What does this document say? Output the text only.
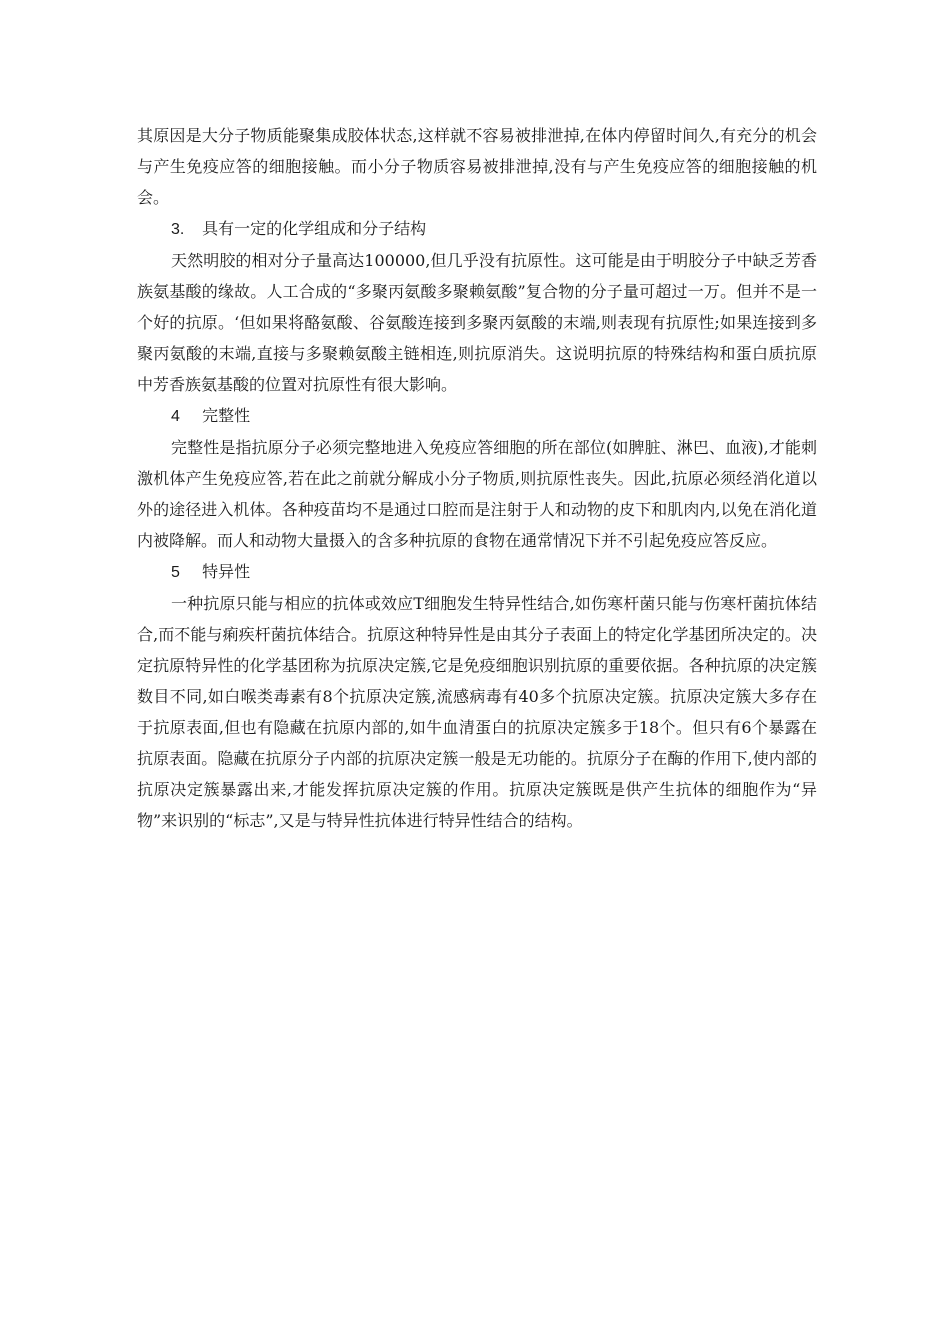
其原因是大分子物质能聚集成胶体状态,这样就不容易被排泄掉,在体内停留时间久,有充分的机会与产生免疫应答的细胞接触。而小分子物质容易被排泄掉,没有与产生免疫应答的细胞接触的机会。

3. 具有一定的化学组成和分子结构

天然明胶的相对分子量高达100000,但几乎没有抗原性。这可能是由于明胶分子中缺乏芳香族氨基酸的缘故。人工合成的“多聚丙氨酸多聚赖氨酸”复合物的分子量可超过一万。但并不是一个好的抗原。‘但如果将酪氨酸、谷氨酸连接到多聚丙氨酸的末端,则表现有抗原性;如果连接到多聚丙氨酸的末端,直接与多聚赖氨酸主链相连,则抗原消失。这说明抗原的特殊结构和蛋白质抗原中芳香族氨基酸的位置对抗原性有很大影响。

4 完整性

完整性是指抗原分子必须完整地进入免疫应答细胞的所在部位(如脾脏、淋巴、血液),才能刺激机体产生免疫应答,若在此之前就分解成小分子物质,则抗原性丧失。因此,抗原必须经消化道以外的途径进入机体。各种疫苗均不是通过口腔而是注射于人和动物的皮下和肌肉内,以免在消化道内被降解。而人和动物大量摄入的含多种抗原的食物在通常情况下并不引起免疫应答反应。

5 特异性

一种抗原只能与相应的抗体或效应T细胞发生特异性结合,如伤寒杆菌只能与伤寒杆菌抗体结合,而不能与痢疾杆菌抗体结合。抗原这种特异性是由其分子表面上的特定化学基团所决定的。决定抗原特异性的化学基团称为抗原决定簇,它是免疫细胞识别抗原的重要依据。各种抗原的决定簇数目不同,如白喉类毒素有8个抗原决定簇,流感病毒有40多个抗原决定簇。抗原决定簇大多存在于抗原表面,但也有隐藏在抗原内部的,如牛血清蛋白的抗原决定簇多于18个。但只有6个暴露在抗原表面。隐藏在抗原分子内部的抗原决定簇一般是无功能的。抗原分子在酶的作用下,使内部的抗原决定簇暴露出来,才能发挥抗原决定簇的作用。抗原决定簇既是供产生抗体的细胞作为“异物”来识别的“标志”,又是与特异性抗体进行特异性结合的结构。
